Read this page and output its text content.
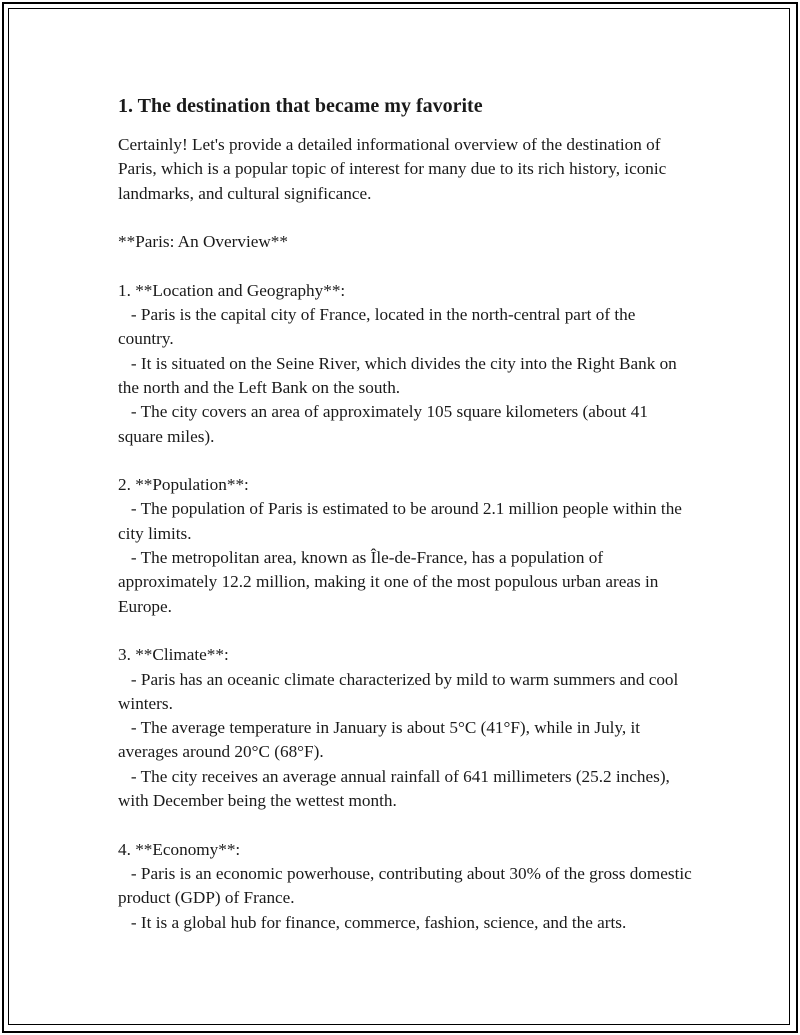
1. The destination that became my favorite

Certainly! Let's provide a detailed informational overview of the destination of Paris, which is a popular topic of interest for many due to its rich history, iconic landmarks, and cultural significance.

**Paris: An Overview**

1. **Location and Geography**:

- Paris is the capital city of France, located in the north-central part of the country.

- It is situated on the Seine River, which divides the city into the Right Bank on the north and the Left Bank on the south.

- The city covers an area of approximately 105 square kilometers (about 41 square miles).

2. **Population**:

- The population of Paris is estimated to be around 2.1 million people within the city limits.

- The metropolitan area, known as Île-de-France, has a population of approximately 12.2 million, making it one of the most populous urban areas in Europe.

3. **Climate**:

- Paris has an oceanic climate characterized by mild to warm summers and cool winters.

- The average temperature in January is about 5°C (41°F), while in July, it averages around 20°C (68°F).

- The city receives an average annual rainfall of 641 millimeters (25.2 inches), with December being the wettest month.

4. **Economy**:

- Paris is an economic powerhouse, contributing about 30% of the gross domestic product (GDP) of France.

- It is a global hub for finance, commerce, fashion, science, and the arts.
